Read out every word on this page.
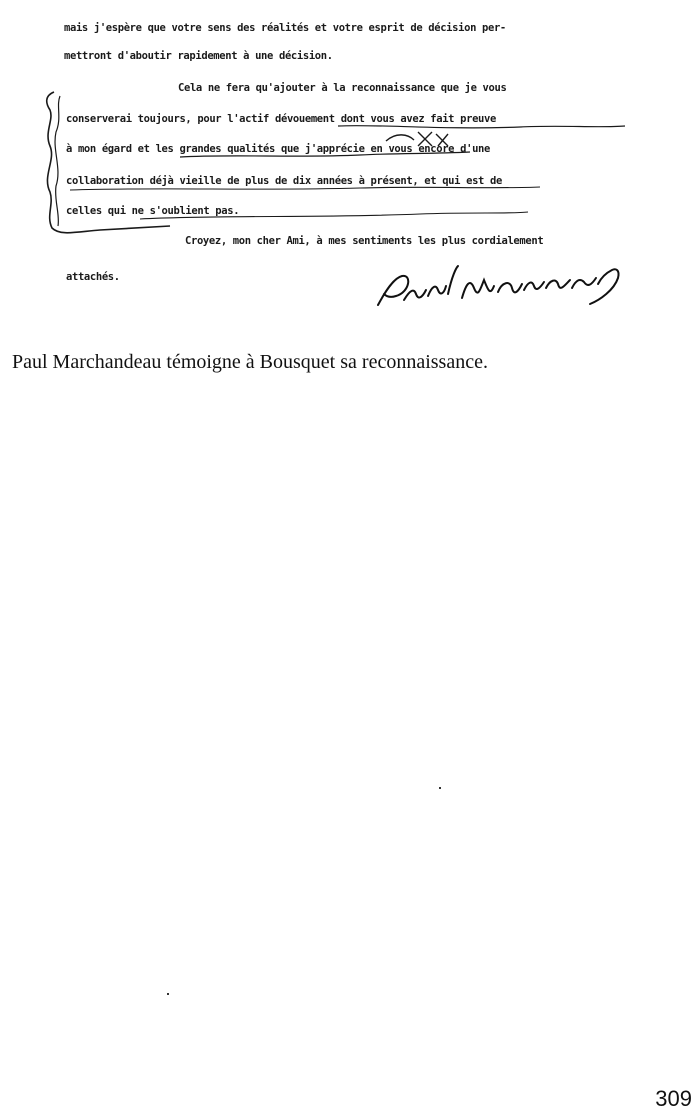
mais j'espère que votre sens des réalités et votre esprit de décision per-
mettront d'aboutir rapidement à une décision.
Cela ne fera qu'ajouter à la reconnaissance que je vous
conserverai toujours, pour l'actif dévouement dont vous avez fait preuve
à mon égard et les grandes qualités que j'apprécie en vous encore d'une
collaboration déjà vieille de plus de dix années à présent, et qui est de
celles qui ne s'oublient pas.
Croyez, mon cher Ami, à mes sentiments les plus cordialement
attachés.

Paul Marchandeau témoigne à Bousquet sa reconnaissance.

309
